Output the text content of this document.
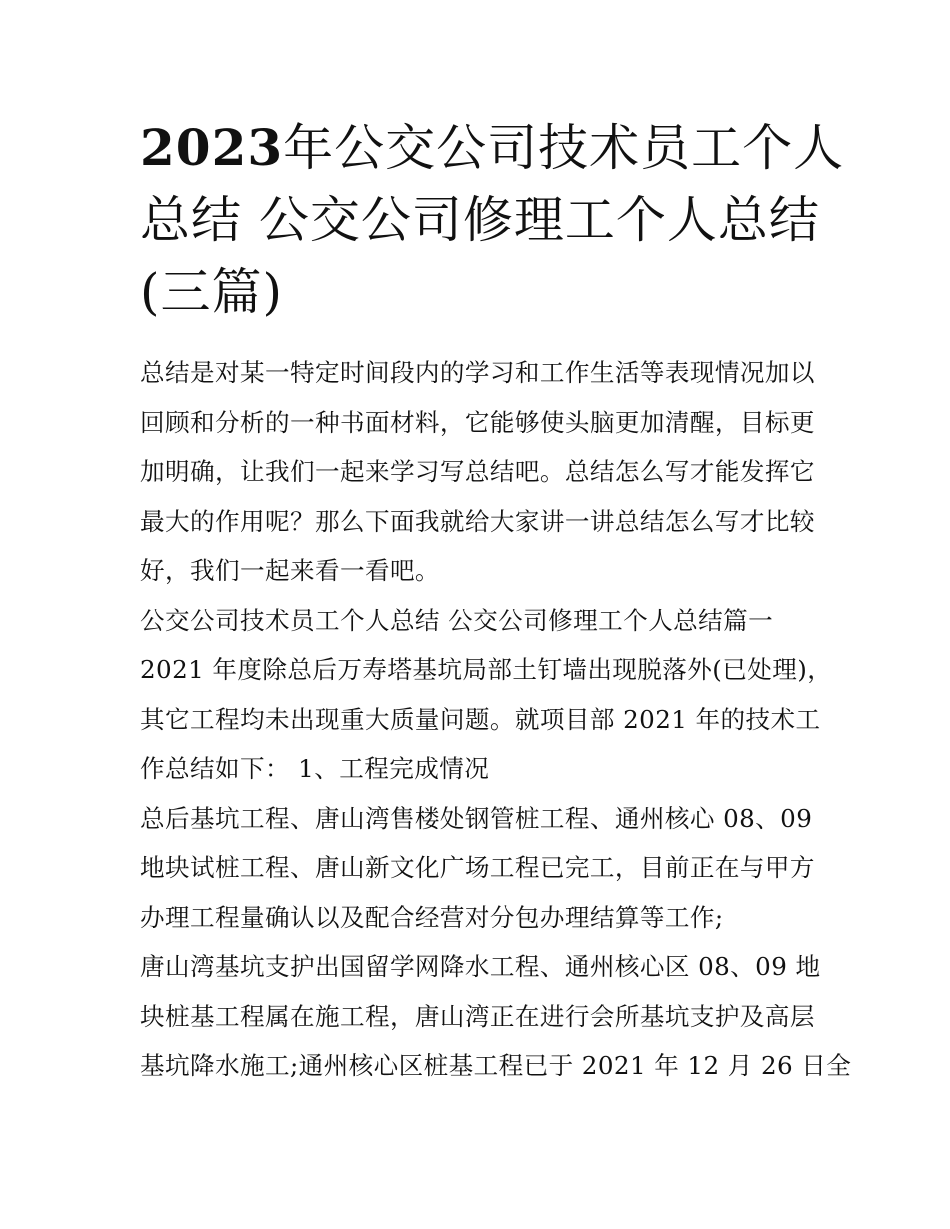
2023年公交公司技术员工个人
总结 公交公司修理工个人总结
(三篇)

总结是对某一特定时间段内的学习和工作生活等表现情况加以
回顾和分析的一种书面材料，它能够使头脑更加清醒，目标更
加明确，让我们一起来学习写总结吧。总结怎么写才能发挥它
最大的作用呢？那么下面我就给大家讲一讲总结怎么写才比较
好，我们一起来看一看吧。

公交公司技术员工个人总结 公交公司修理工个人总结篇一

2021 年度除总后万寿塔基坑局部土钉墙出现脱落外(已处理)，
其它工程均未出现重大质量问题。就项目部 2021 年的技术工
作总结如下： 1、工程完成情况

总后基坑工程、唐山湾售楼处钢管桩工程、通州核心 08、09
地块试桩工程、唐山新文化广场工程已完工，目前正在与甲方
办理工程量确认以及配合经营对分包办理结算等工作;

唐山湾基坑支护出国留学网降水工程、通州核心区 08、09 地
块桩基工程属在施工程，唐山湾正在进行会所基坑支护及高层
基坑降水施工;通州核心区桩基工程已于 2021 年 12 月 26 日全
